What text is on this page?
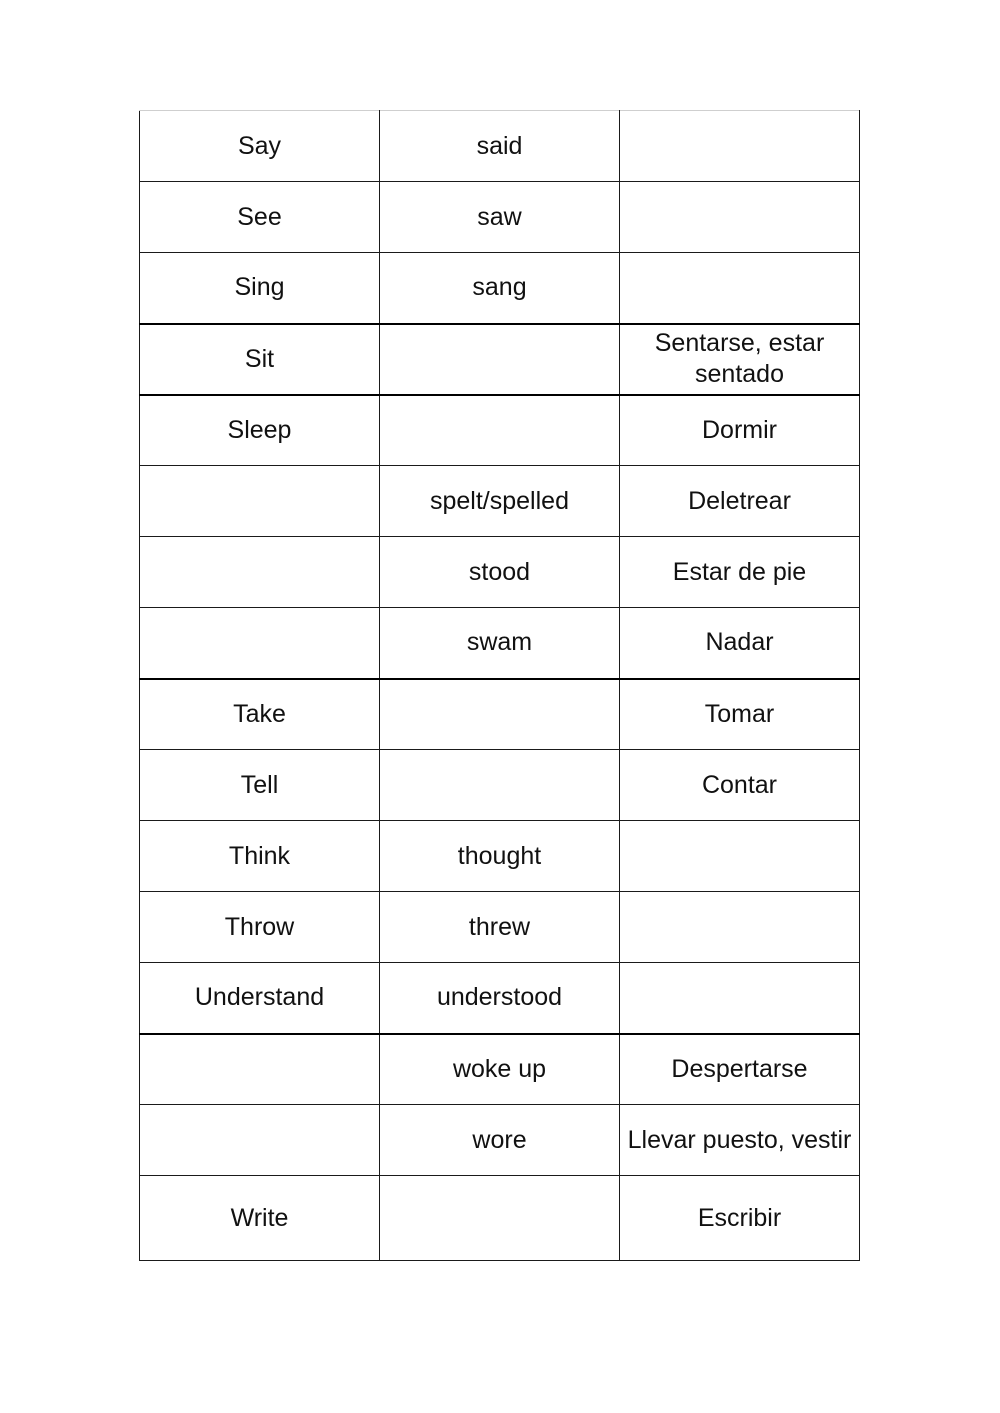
Say	said	
See	saw	
Sing	sang	
Sit		Sentarse, estar sentado
Sleep		Dormir
	spelt/spelled	Deletrear
	stood	Estar de pie
	swam	Nadar
Take		Tomar
Tell		Contar
Think	thought	
Throw	threw	
Understand	understood	
	woke up	Despertarse
	wore	Llevar puesto, vestir
Write		Escribir
